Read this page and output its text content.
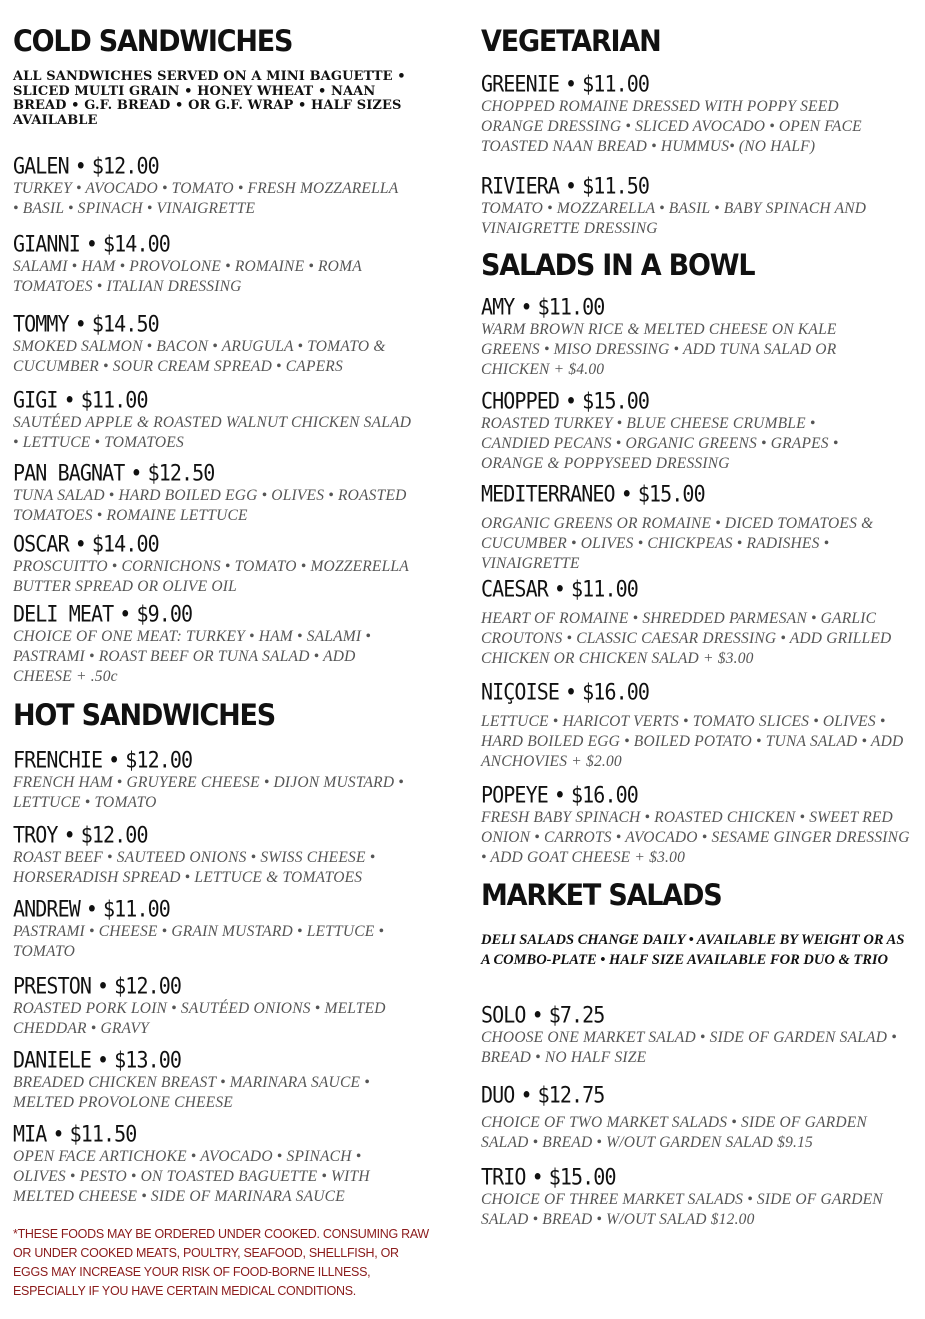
COLD SANDWICHES
ALL SANDWICHES SERVED ON A MINI BAGUETTE • SLICED MULTI GRAIN • HONEY WHEAT • NAAN BREAD • G.F. BREAD • OR G.F. WRAP • HALF SIZES AVAILABLE
GALEN • $12.00
TURKEY • AVOCADO • TOMATO • FRESH MOZZARELLA • BASIL • SPINACH • VINAIGRETTE
GIANNI • $14.00
SALAMI • HAM • PROVOLONE • ROMAINE • ROMA TOMATOES • ITALIAN DRESSING
TOMMY • $14.50
SMOKED SALMON • BACON • ARUGULA • TOMATO & CUCUMBER • SOUR CREAM SPREAD • CAPERS
GIGI • $11.00
SAUTÉED APPLE & ROASTED WALNUT CHICKEN SALAD • LETTUCE • TOMATOES
PAN BAGNAT • $12.50
TUNA SALAD • HARD BOILED EGG • OLIVES • ROASTED TOMATOES • ROMAINE LETTUCE
OSCAR • $14.00
PROSCUITTO • CORNICHONS • TOMATO • MOZZERELLA BUTTER SPREAD OR OLIVE OIL
DELI MEAT • $9.00
CHOICE OF ONE MEAT: TURKEY • HAM • SALAMI • PASTRAMI • ROAST BEEF OR TUNA SALAD • ADD CHEESE + .50c
HOT SANDWICHES
FRENCHIE • $12.00
FRENCH HAM • GRUYERE CHEESE • DIJON MUSTARD • LETTUCE • TOMATO
TROY • $12.00
ROAST BEEF • SAUTEED ONIONS • SWISS CHEESE • HORSERADISH SPREAD • LETTUCE & TOMATOES
ANDREW • $11.00
PASTRAMI • CHEESE • GRAIN MUSTARD • LETTUCE • TOMATO
PRESTON • $12.00
ROASTED PORK LOIN • SAUTÉED ONIONS • MELTED CHEDDAR • GRAVY
DANIELE • $13.00
BREADED CHICKEN BREAST • MARINARA SAUCE • MELTED PROVOLONE CHEESE
MIA • $11.50
OPEN FACE ARTICHOKE • AVOCADO • SPINACH • OLIVES • PESTO • ON TOASTED BAGUETTE • WITH MELTED CHEESE • SIDE OF MARINARA SAUCE
*THESE FOODS MAY BE ORDERED UNDER COOKED. CONSUMING RAW OR UNDER COOKED MEATS, POULTRY, SEAFOOD, SHELLFISH, OR EGGS MAY INCREASE YOUR RISK OF FOOD-BORNE ILLNESS, ESPECIALLY IF YOU HAVE CERTAIN MEDICAL CONDITIONS.
VEGETARIAN
GREENIE • $11.00
CHOPPED ROMAINE DRESSED WITH POPPY SEED ORANGE DRESSING • SLICED AVOCADO • OPEN FACE TOASTED NAAN BREAD • HUMMUS• (NO HALF)
RIVIERA • $11.50
TOMATO • MOZZARELLA • BASIL • BABY SPINACH AND VINAIGRETTE DRESSING
SALADS IN A BOWL
AMY • $11.00
WARM BROWN RICE & MELTED CHEESE ON KALE GREENS • MISO DRESSING • ADD TUNA SALAD OR CHICKEN + $4.00
CHOPPED • $15.00
ROASTED TURKEY • BLUE CHEESE CRUMBLE • CANDIED PECANS • ORGANIC GREENS • GRAPES • ORANGE & POPPYSEED DRESSING
MEDITERRANEO • $15.00
ORGANIC GREENS OR ROMAINE • DICED TOMATOES & CUCUMBER • OLIVES • CHICKPEAS • RADISHES • VINAIGRETTE
CAESAR • $11.00
HEART OF ROMAINE • SHREDDED PARMESAN • GARLIC CROUTONS • CLASSIC CAESAR DRESSING • ADD GRILLED CHICKEN OR CHICKEN SALAD + $3.00
NIÇOISE • $16.00
LETTUCE • HARICOT VERTS • TOMATO SLICES • OLIVES • HARD BOILED EGG • BOILED POTATO • TUNA SALAD • ADD ANCHOVIES + $2.00
POPEYE • $16.00
FRESH BABY SPINACH • ROASTED CHICKEN • SWEET RED ONION • CARROTS • AVOCADO • SESAME GINGER DRESSING • ADD GOAT CHEESE + $3.00
MARKET SALADS
DELI SALADS CHANGE DAILY • AVAILABLE BY WEIGHT OR AS A COMBO-PLATE • HALF SIZE AVAILABLE FOR DUO & TRIO
SOLO • $7.25
CHOOSE ONE MARKET SALAD • SIDE OF GARDEN SALAD • BREAD • NO HALF SIZE
DUO • $12.75
CHOICE OF TWO MARKET SALADS • SIDE OF GARDEN SALAD • BREAD • W/OUT GARDEN SALAD $9.15
TRIO • $15.00
CHOICE OF THREE MARKET SALADS • SIDE OF GARDEN SALAD • BREAD • W/OUT SALAD $12.00
